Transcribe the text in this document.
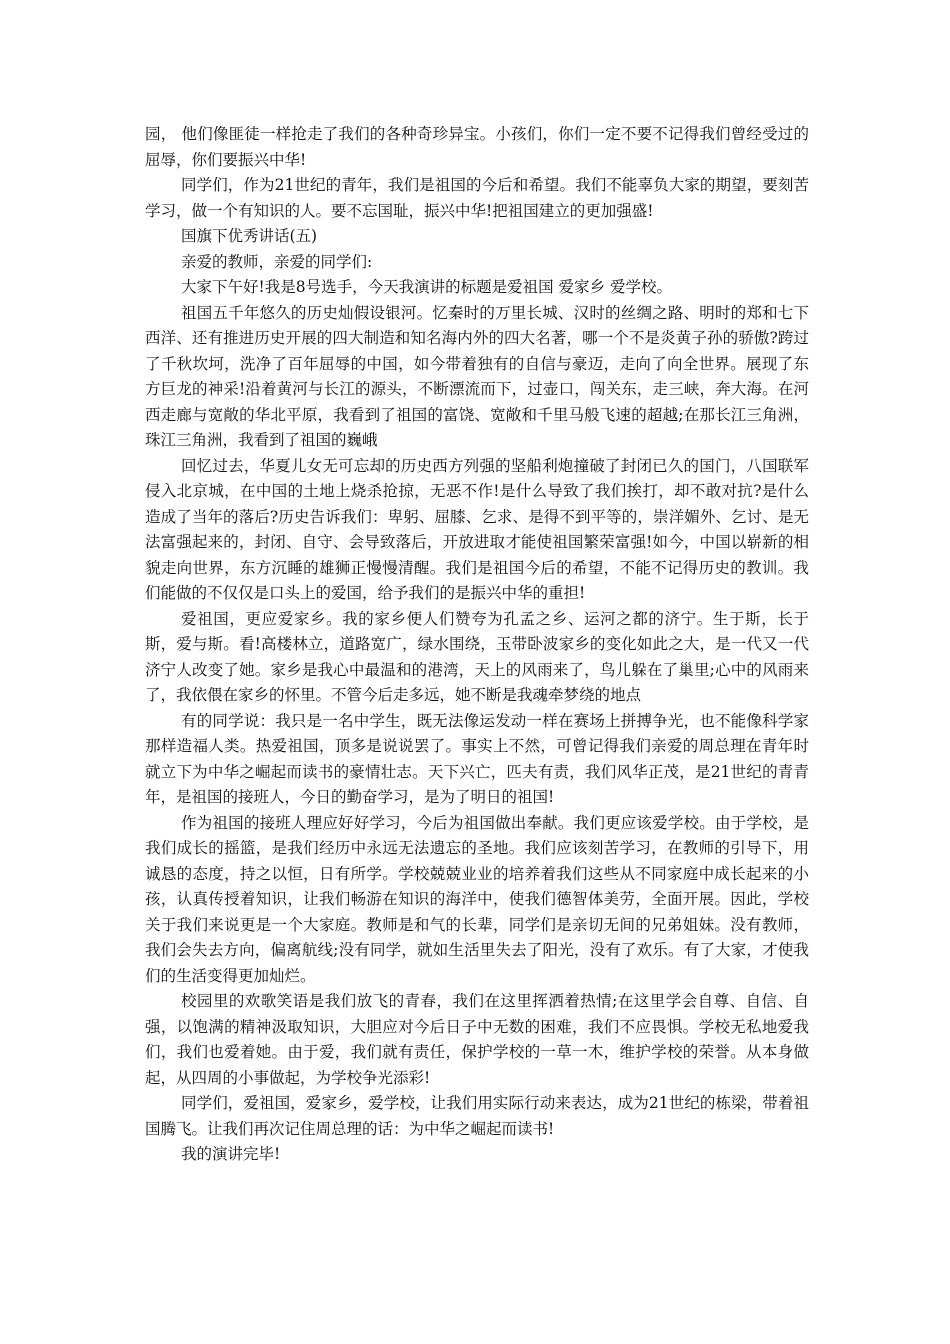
园， 他们像匪徒一样抢走了我们的各种奇珍异宝。小孩们，你们一定不要不记得我们曾经受过的屈辱，你们要振兴中华!

同学们，作为21世纪的青年，我们是祖国的今后和希望。我们不能辜负大家的期望，要刻苦学习，做一个有知识的人。要不忘国耻，振兴中华!把祖国建立的更加强盛!

国旗下优秀讲话(五)

亲爱的教师，亲爱的同学们:

大家下午好!我是8号选手，今天我演讲的标题是爱祖国 爱家乡 爱学校。

祖国五千年悠久的历史灿假设银河。忆秦时的万里长城、汉时的丝绸之路、明时的郑和七下西洋、还有推进历史开展的四大制造和知名海内外的四大名著，哪一个不是炎黄子孙的骄傲?跨过了千秋坎坷，洗净了百年屈辱的中国，如今带着独有的自信与豪迈，走向了向全世界。展现了东方巨龙的神采!沿着黄河与长江的源头，不断漂流而下，过壶口，闯关东，走三峡，奔大海。在河西走廊与宽敞的华北平原，我看到了祖国的富饶、宽敞和千里马般飞速的超越;在那长江三角洲，珠江三角洲，我看到了祖国的巍峨

回忆过去，华夏儿女无可忘却的历史西方列强的坚船利炮撞破了封闭已久的国门，八国联军侵入北京城，在中国的土地上烧杀抢掠，无恶不作!是什么导致了我们挨打，却不敢对抗?是什么造成了当年的落后?历史告诉我们：卑躬、屈膝、乞求、是得不到平等的，崇洋媚外、乞讨、是无法富强起来的，封闭、自守、会导致落后，开放进取才能使祖国繁荣富强!如今，中国以崭新的相貌走向世界，东方沉睡的雄狮正慢慢清醒。我们是祖国今后的希望，不能不记得历史的教训。我们能做的不仅仅是口头上的爱国，给予我们的是振兴中华的重担!

爱祖国，更应爱家乡。我的家乡便人们赞夸为孔孟之乡、运河之都的济宁。生于斯，长于斯，爱与斯。看!高楼林立，道路宽广，绿水围绕，玉带卧波家乡的变化如此之大，是一代又一代济宁人改变了她。家乡是我心中最温和的港湾，天上的风雨来了，鸟儿躲在了巢里;心中的风雨来了，我依偎在家乡的怀里。不管今后走多远，她不断是我魂牵梦绕的地点

有的同学说：我只是一名中学生，既无法像运发动一样在赛场上拼搏争光，也不能像科学家那样造福人类。热爱祖国，顶多是说说罢了。事实上不然，可曾记得我们亲爱的周总理在青年时就立下为中华之崛起而读书的豪情壮志。天下兴亡，匹夫有责，我们风华正茂，是21世纪的青青年，是祖国的接班人，今日的勤奋学习，是为了明日的祖国!

作为祖国的接班人理应好好学习，今后为祖国做出奉献。我们更应该爱学校。由于学校，是我们成长的摇篮，是我们经历中永远无法遗忘的圣地。我们应该刻苦学习，在教师的引导下，用诚恳的态度，持之以恒，日有所学。学校兢兢业业的培养着我们这些从不同家庭中成长起来的小孩，认真传授着知识，让我们畅游在知识的海洋中，使我们德智体美劳，全面开展。因此，学校关于我们来说更是一个大家庭。教师是和气的长辈，同学们是亲切无间的兄弟姐妹。没有教师，我们会失去方向，偏离航线;没有同学，就如生活里失去了阳光，没有了欢乐。有了大家，才使我们的生活变得更加灿烂。

校园里的欢歌笑语是我们放飞的青春，我们在这里挥洒着热情;在这里学会自尊、自信、自强，以饱满的精神汲取知识，大胆应对今后日子中无数的困难，我们不应畏惧。学校无私地爱我们，我们也爱着她。由于爱，我们就有责任，保护学校的一草一木，维护学校的荣誉。从本身做起，从四周的小事做起，为学校争光添彩!

同学们，爱祖国，爱家乡，爱学校，让我们用实际行动来表达，成为21世纪的栋梁，带着祖国腾飞。让我们再次记住周总理的话：为中华之崛起而读书!

我的演讲完毕!
